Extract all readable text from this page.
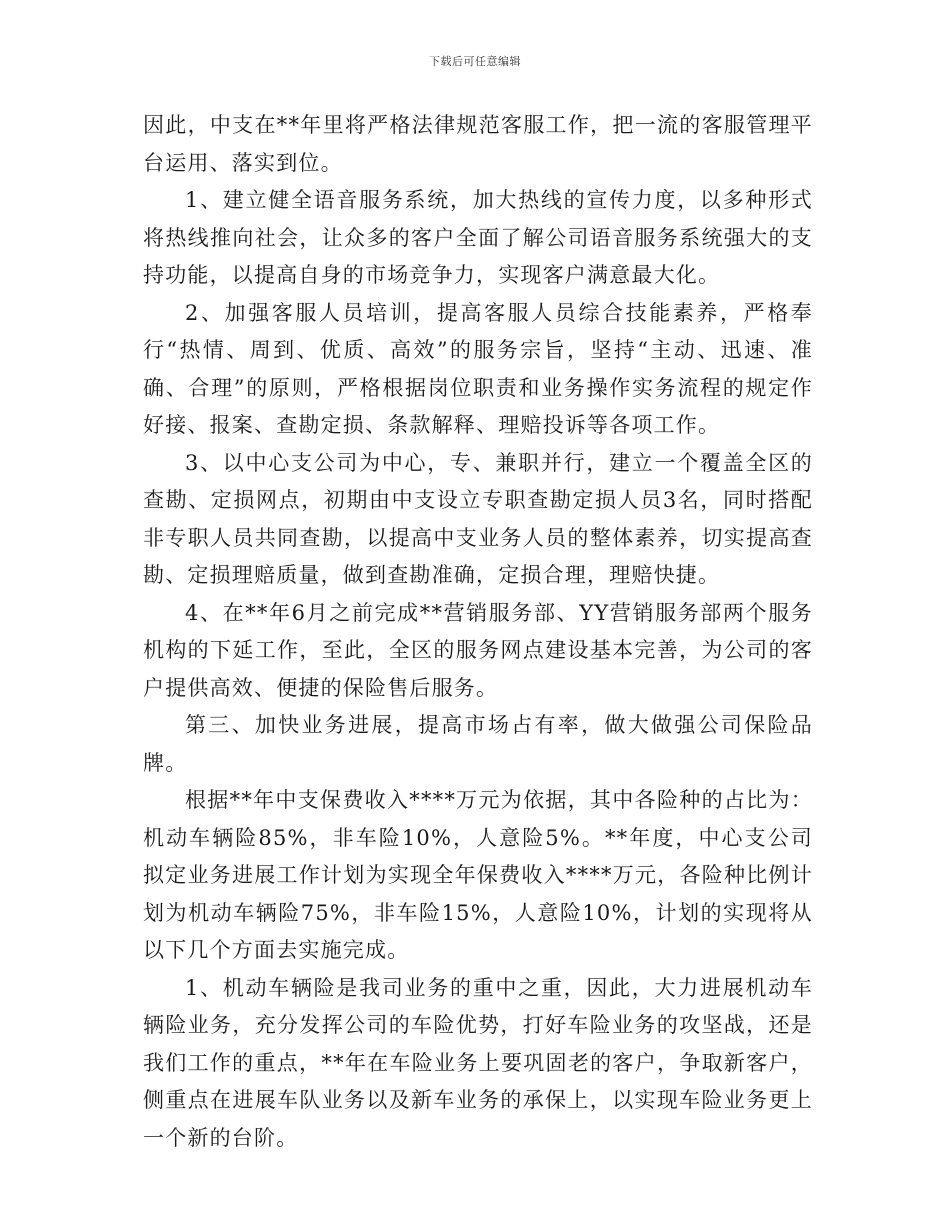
下载后可任意编辑

因此，中支在**年里将严格法律规范客服工作，把一流的客服管理平台运用、落实到位。

1、建立健全语音服务系统，加大热线的宣传力度，以多种形式将热线推向社会，让众多的客户全面了解公司语音服务系统强大的支持功能，以提高自身的市场竞争力，实现客户满意最大化。

2、加强客服人员培训，提高客服人员综合技能素养，严格奉行“热情、周到、优质、高效”的服务宗旨，坚持“主动、迅速、准确、合理”的原则，严格根据岗位职责和业务操作实务流程的规定作好接、报案、查勘定损、条款解释、理赔投诉等各项工作。

3、以中心支公司为中心，专、兼职并行，建立一个覆盖全区的查勘、定损网点，初期由中支设立专职查勘定损人员3名，同时搭配非专职人员共同查勘，以提高中支业务人员的整体素养，切实提高查勘、定损理赔质量，做到查勘准确，定损合理，理赔快捷。

4、在**年6月之前完成**营销服务部、YY营销服务部两个服务机构的下延工作，至此，全区的服务网点建设基本完善，为公司的客户提供高效、便捷的保险售后服务。

第三、加快业务进展，提高市场占有率，做大做强公司保险品牌。

根据**年中支保费收入****万元为依据，其中各险种的占比为：机动车辆险85%，非车险10%，人意险5%。**年度，中心支公司拟定业务进展工作计划为实现全年保费收入****万元，各险种比例计划为机动车辆险75%，非车险15%，人意险10%，计划的实现将从以下几个方面去实施完成。

1、机动车辆险是我司业务的重中之重，因此，大力进展机动车辆险业务，充分发挥公司的车险优势，打好车险业务的攻坚战，还是我们工作的重点，**年在车险业务上要巩固老的客户，争取新客户，侧重点在进展车队业务以及新车业务的承保上，以实现车险业务更上一个新的台阶。
